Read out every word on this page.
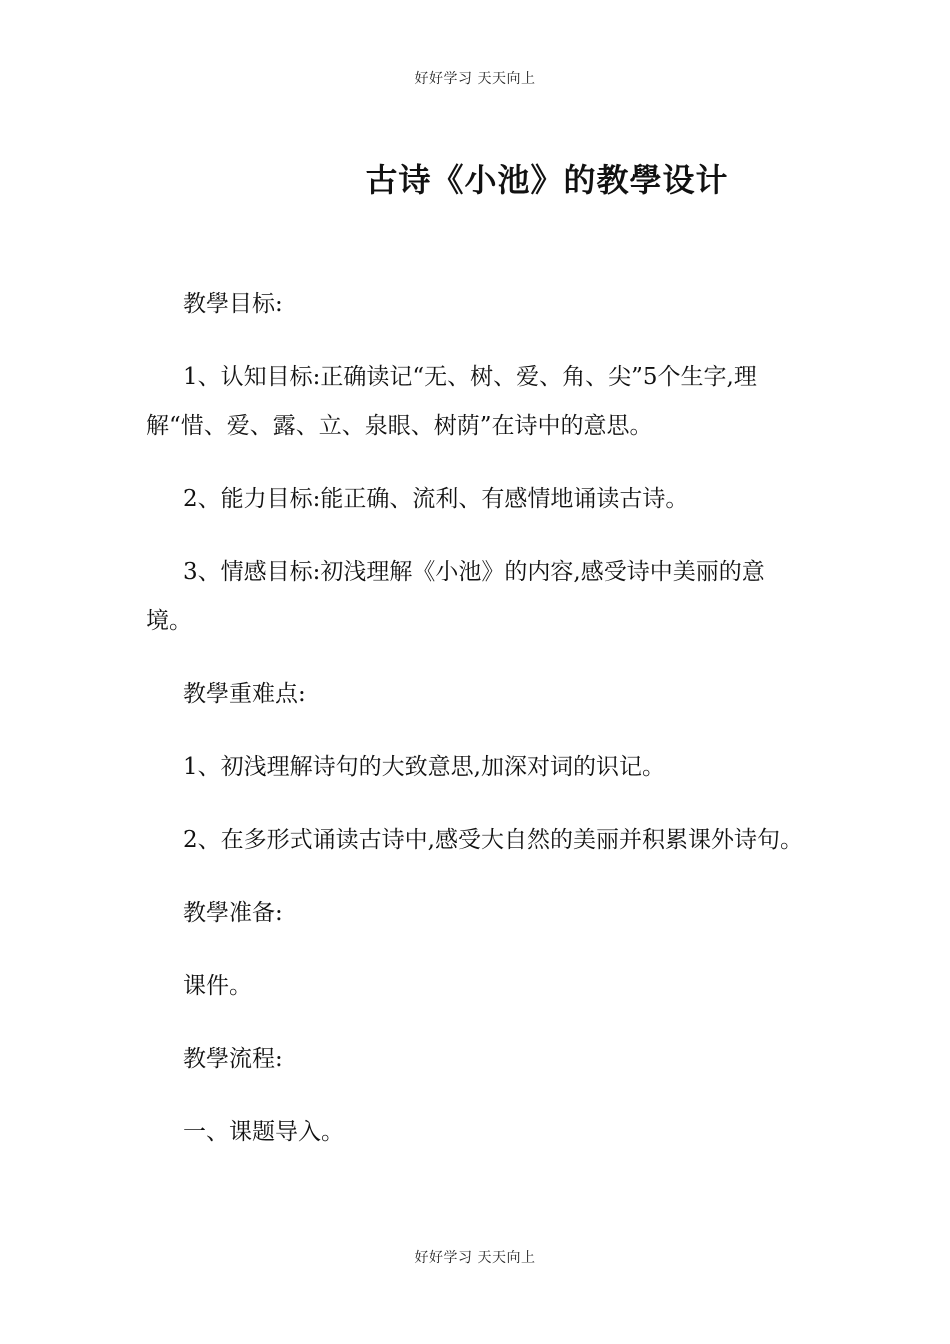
好好学习 天天向上
古诗《小池》的教學设计

教學目标:

1、认知目标:正确读记“无、树、爱、角、尖”5个生字,理解“惜、爱、露、立、泉眼、树荫”在诗中的意思。

2、能力目标:能正确、流利、有感情地诵读古诗。

3、情感目标:初浅理解《小池》的内容,感受诗中美丽的意境。

教學重难点:

1、初浅理解诗句的大致意思,加深对词的识记。

2、在多形式诵读古诗中,感受大自然的美丽并积累课外诗句。

教學准备:

课件。

教學流程:

一、课题导入。

好好学习 天天向上
